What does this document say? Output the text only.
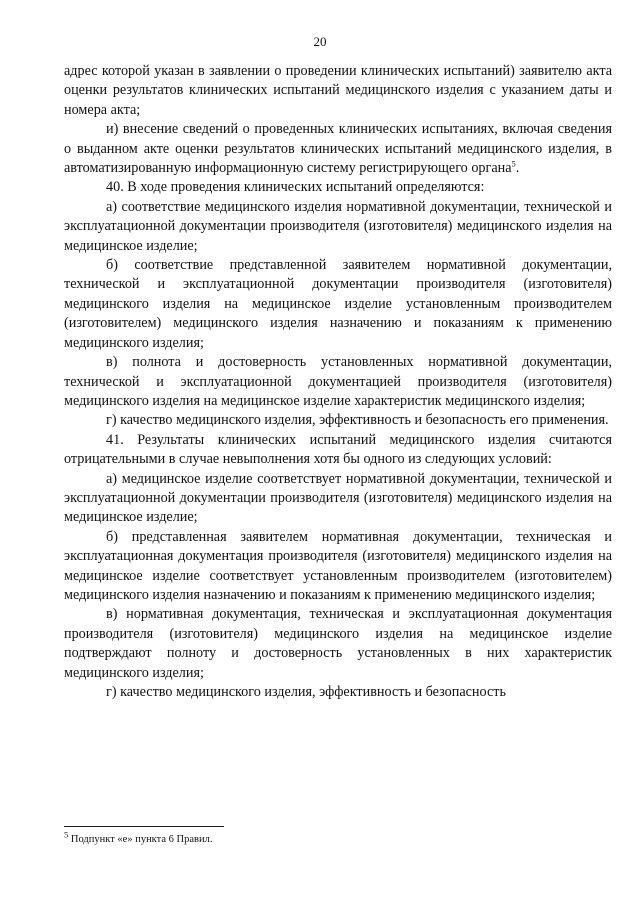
20

адрес которой указан в заявлении о проведении клинических испытаний) заявителю акта оценки результатов клинических испытаний медицинского изделия с указанием даты и номера акта;

и) внесение сведений о проведенных клинических испытаниях, включая сведения о выданном акте оценки результатов клинических испытаний медицинского изделия, в автоматизированную информационную систему регистрирующего органа$^5$.

40. В ходе проведения клинических испытаний определяются:

а) соответствие медицинского изделия нормативной документации, технической и эксплуатационной документации производителя (изготовителя) медицинского изделия на медицинское изделие;

б) соответствие представленной заявителем нормативной документации, технической и эксплуатационной документации производителя (изготовителя) медицинского изделия на медицинское изделие установленным производителем (изготовителем) медицинского изделия назначению и показаниям к применению медицинского изделия;

в) полнота и достоверность установленных нормативной документации, технической и эксплуатационной документацией производителя (изготовителя) медицинского изделия на медицинское изделие характеристик медицинского изделия;

г) качество медицинского изделия, эффективность и безопасность его применения.

41. Результаты клинических испытаний медицинского изделия считаются отрицательными в случае невыполнения хотя бы одного из следующих условий:

а) медицинское изделие соответствует нормативной документации, технической и эксплуатационной документации производителя (изготовителя) медицинского изделия на медицинское изделие;

б) представленная заявителем нормативная документации, техническая и эксплуатационная документация производителя (изготовителя) медицинского изделия на медицинское изделие соответствует установленным производителем (изготовителем) медицинского изделия назначению и показаниям к применению медицинского изделия;

в) нормативная документация, техническая и эксплуатационная документация производителя (изготовителя) медицинского изделия на медицинское изделие подтверждают полноту и достоверность установленных в них характеристик медицинского изделия;

г) качество медицинского изделия, эффективность и безопасность

$^5$ Подпункт «е» пункта 6 Правил.
